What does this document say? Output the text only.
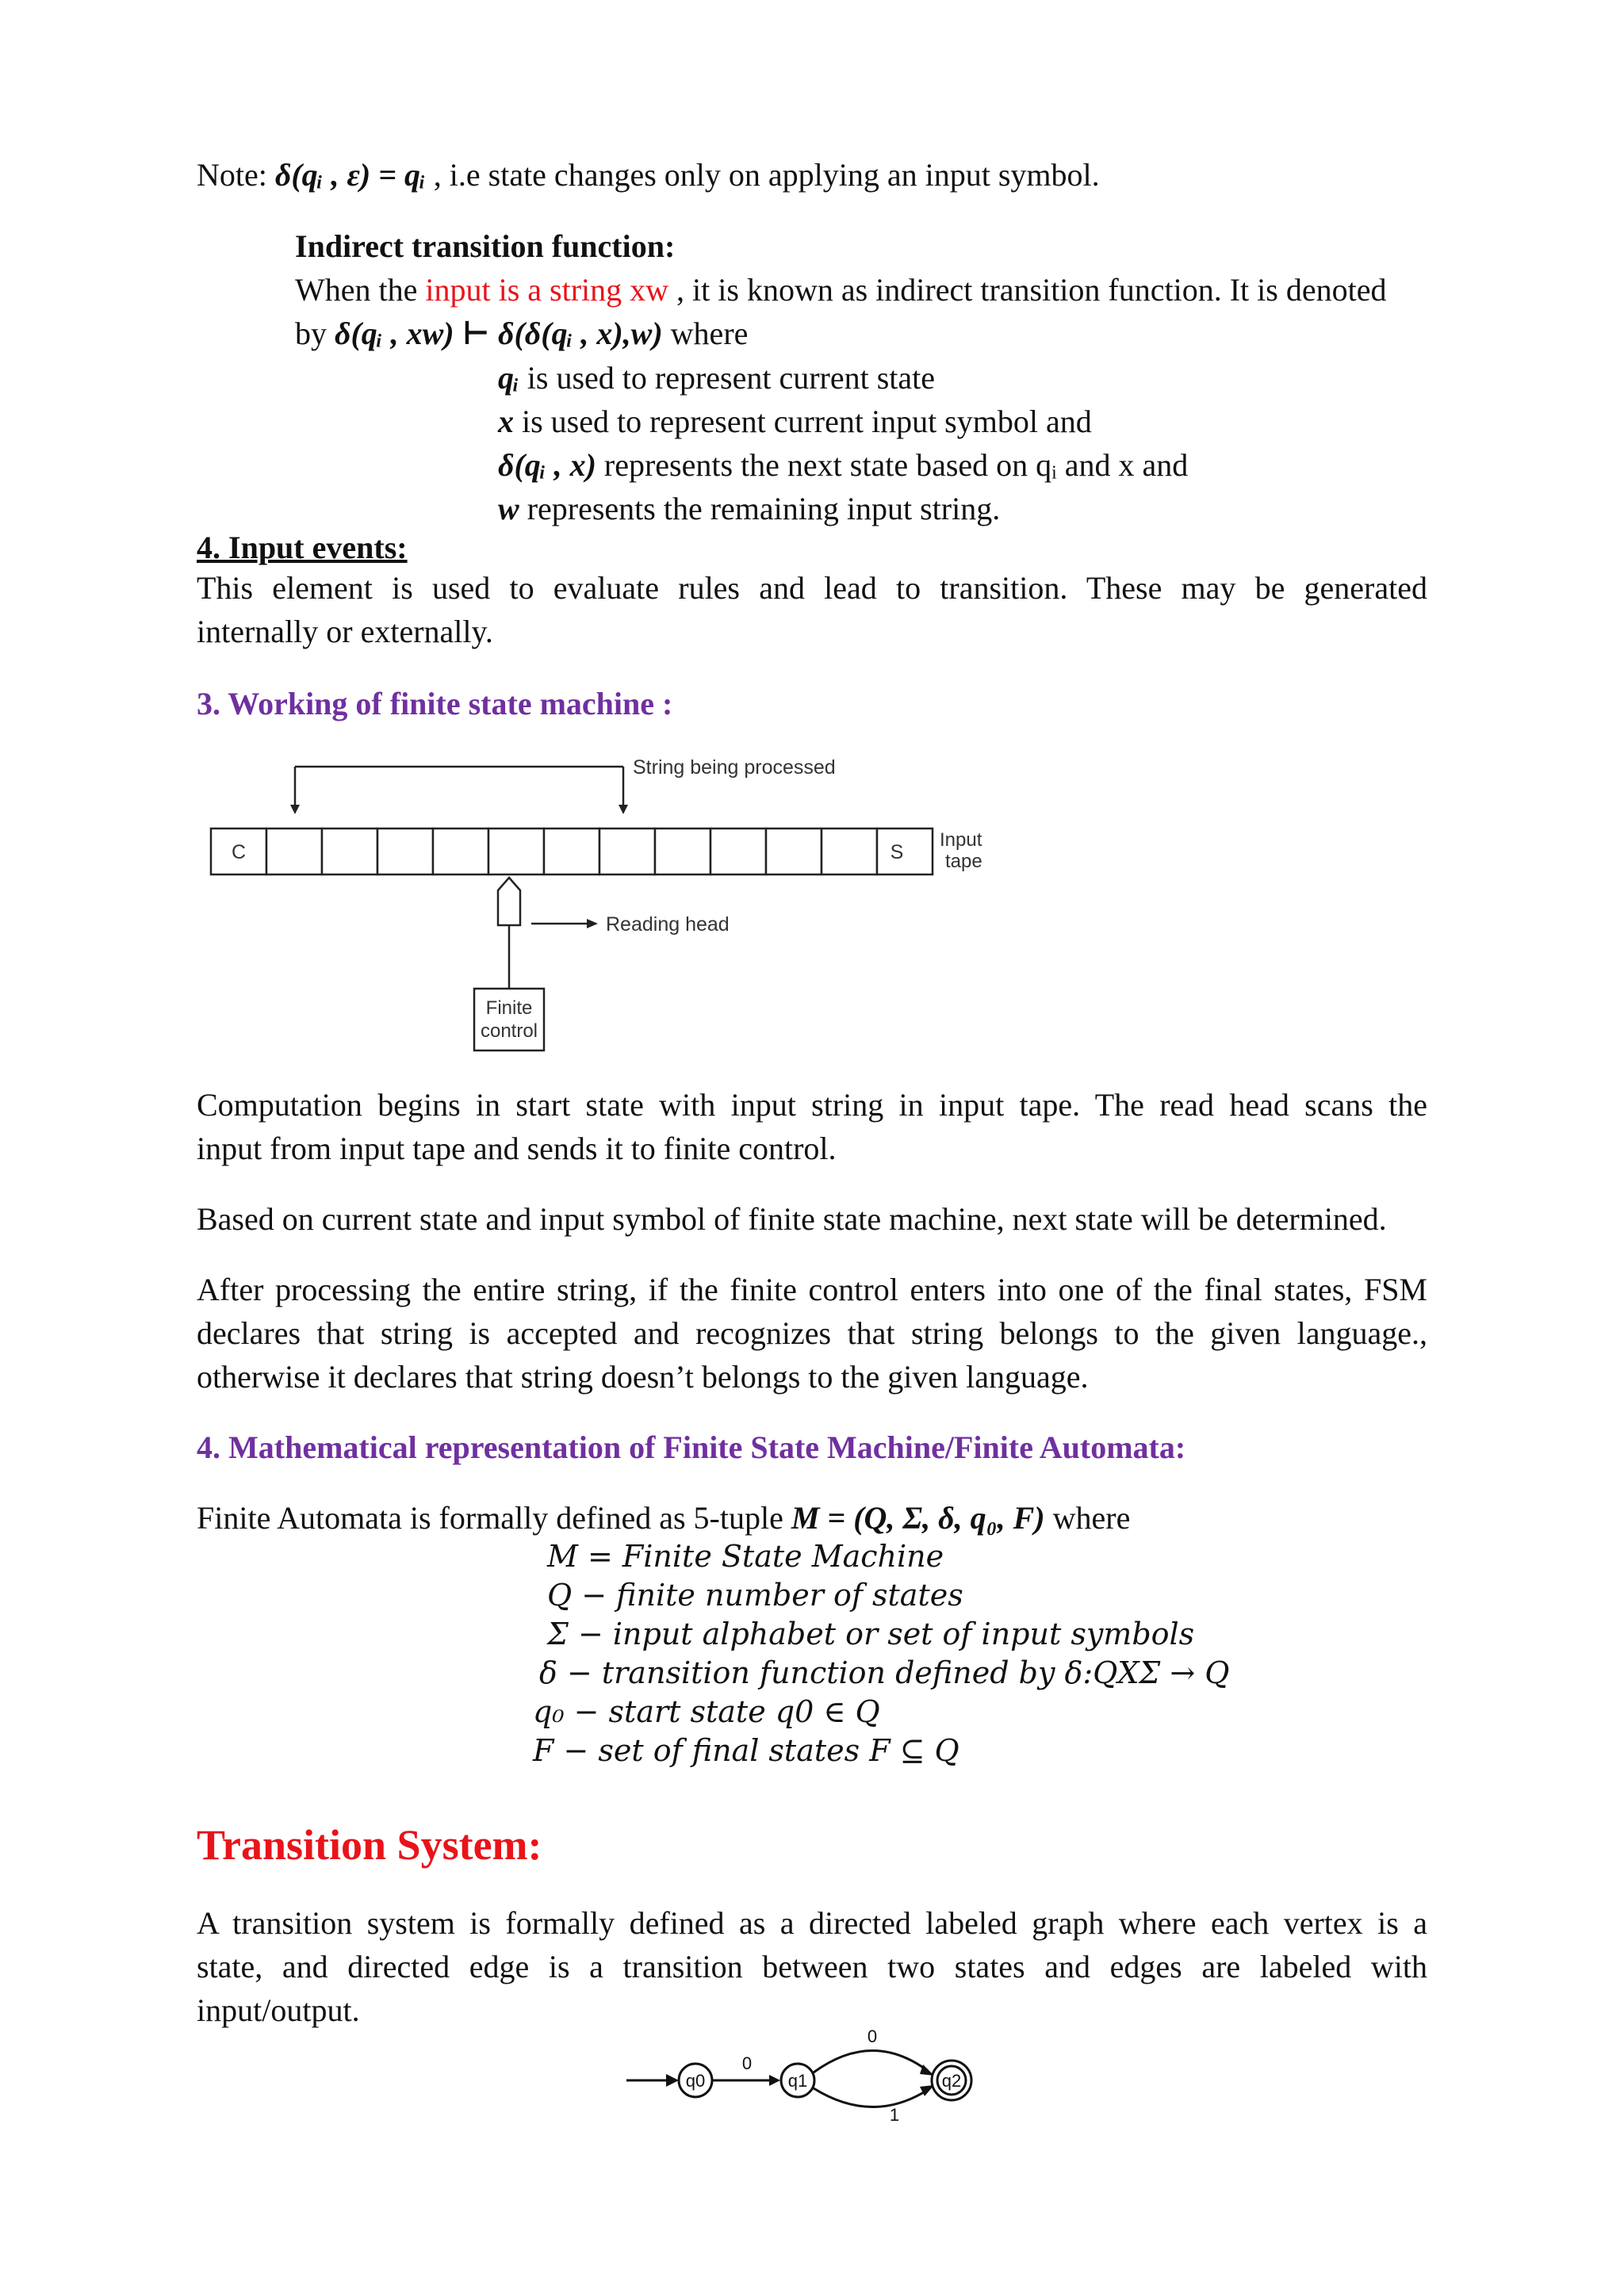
Note: δ(qᵢ , ε) = qᵢ , i.e state changes only on applying an input symbol.
Indirect transition function:
When the input is a string xw , it is known as indirect transition function. It is denoted
by δ(qᵢ , xw) ⊢ δ(δ(qᵢ , x),w) where
qᵢ is used to represent current state
x is used to represent current input symbol and
δ(qᵢ , x) represents the next state based on qᵢ and x and
w represents the remaining input string.
4. Input events:
This element is used to evaluate rules and lead to transition. These may be generated
internally or externally.
3. Working of finite state machine :
String being processed
C	S
Input
tape
Reading head
Finite
control
Computation begins in start state with input string in input tape. The read head scans the
input from input tape and sends it to finite control.
Based on current state and input symbol of finite state machine, next state will be determined.
After processing the entire string, if the finite control enters into one of the final states, FSM
declares that string is accepted and recognizes that string belongs to the given language.,
otherwise it declares that string doesn’t belongs to the given language.
4. Mathematical representation of Finite State Machine/Finite Automata:
Finite Automata is formally defined as 5-tuple M = (Q, Σ, δ, q₀, F) where
M = Finite State Machine
Q − finite number of states
Σ − input alphabet or set of input symbols
δ − transition function defined by δ:QXΣ → Q
q₀ − start state q0 ∈ Q
F − set of final states F ⊆ Q
Transition System:
A transition system is formally defined as a directed labeled graph where each vertex is a
state, and directed edge is a transition between two states and edges are labeled with
input/output.
q0
0
q1
0
1
q2
